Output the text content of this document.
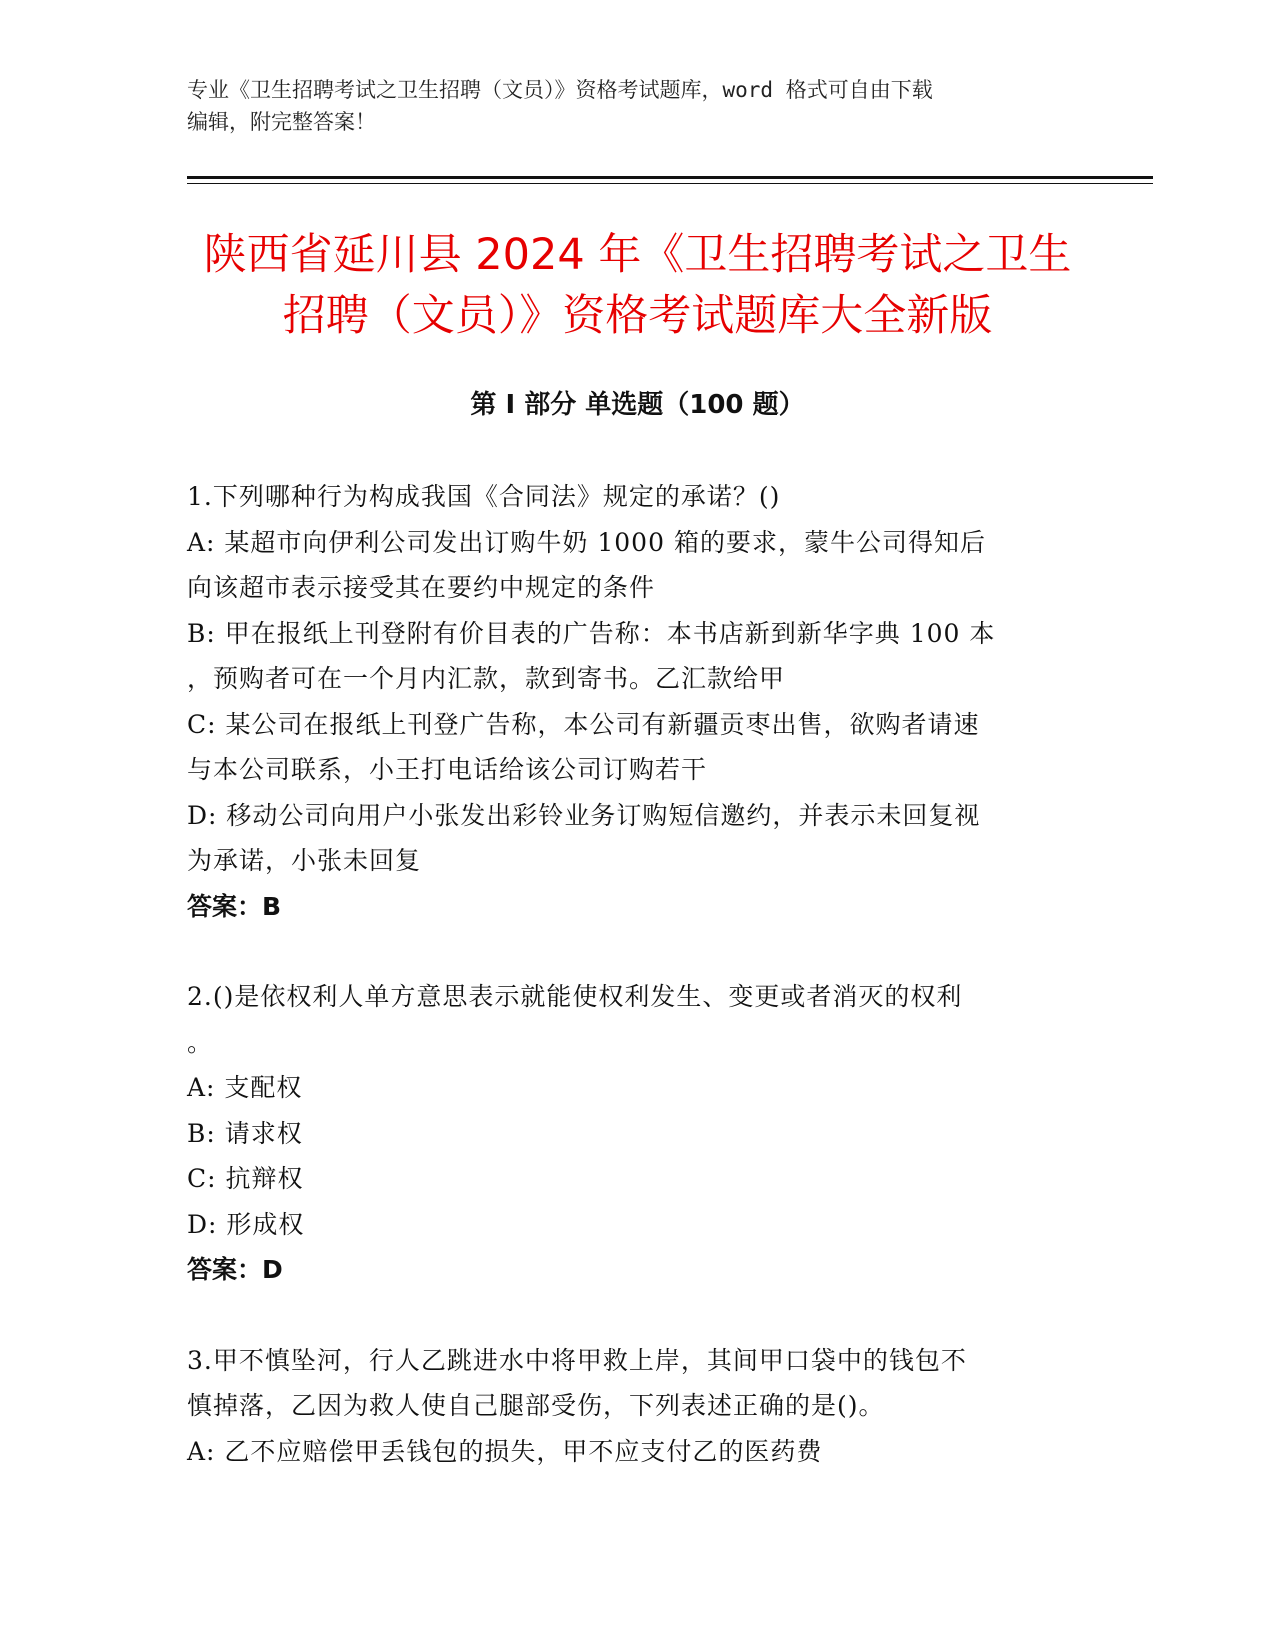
专业《卫生招聘考试之卫生招聘（文员）》资格考试题库，word 格式可自由下载
编辑，附完整答案！
陕西省延川县 2024 年《卫生招聘考试之卫生
招聘（文员）》资格考试题库大全新版
第 I 部分 单选题（100 题）
1.下列哪种行为构成我国《合同法》规定的承诺？()
A: 某超市向伊利公司发出订购牛奶 1000 箱的要求，蒙牛公司得知后
向该超市表示接受其在要约中规定的条件
B: 甲在报纸上刊登附有价目表的广告称：本书店新到新华字典 100 本
，预购者可在一个月内汇款，款到寄书。乙汇款给甲
C: 某公司在报纸上刊登广告称，本公司有新疆贡枣出售，欲购者请速
与本公司联系，小王打电话给该公司订购若干
D: 移动公司向用户小张发出彩铃业务订购短信邀约，并表示未回复视
为承诺，小张未回复
答案：B
2.()是依权利人单方意思表示就能使权利发生、变更或者消灭的权利
。
A: 支配权
B: 请求权
C: 抗辩权
D: 形成权
答案：D
3.甲不慎坠河，行人乙跳进水中将甲救上岸，其间甲口袋中的钱包不
慎掉落，乙因为救人使自己腿部受伤，下列表述正确的是()。
A: 乙不应赔偿甲丢钱包的损失，甲不应支付乙的医药费
